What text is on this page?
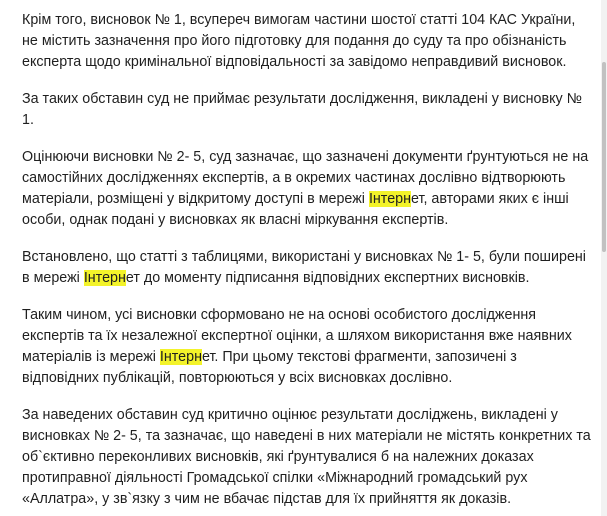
Крім того, висновок № 1, всупереч вимогам частини шостої статті 104 КАС України, не містить зазначення про його підготовку для подання до суду та про обізнаність експерта щодо кримінальної відповідальності за завідомо неправдивий висновок.

За таких обставин суд не приймає результати дослідження, викладені у висновку № 1.

Оцінюючи висновки № 2- 5, суд зазначає, що зазначені документи ґрунтуються не на самостійних дослідженнях експертів, а в окремих частинах дослівно відтворюють матеріали, розміщені у відкритому доступі в мережі Інтернет, авторами яких є інші особи, однак подані у висновках як власні міркування експертів.

Встановлено, що статті з таблицями, використані у висновках № 1- 5, були поширені в мережі Інтернет до моменту підписання відповідних експертних висновків.

Таким чином, усі висновки сформовано не на основі особистого дослідження експертів та їх незалежної експертної оцінки, а шляхом використання вже наявних матеріалів із мережі Інтернет. При цьому текстові фрагменти, запозичені з відповідних публікацій, повторюються у всіх висновках дослівно.

За наведених обставин суд критично оцінює результати досліджень, викладені у висновках № 2- 5, та зазначає, що наведені в них матеріали не містять конкретних та об`єктивно переконливих висновків, які ґрунтувалися б на належних доказах протиправної діяльності Громадської спілки «Міжнародний громадський рух «Аллатра», у зв`язку з чим не вбачає підстав для їх прийняття як доказів.
